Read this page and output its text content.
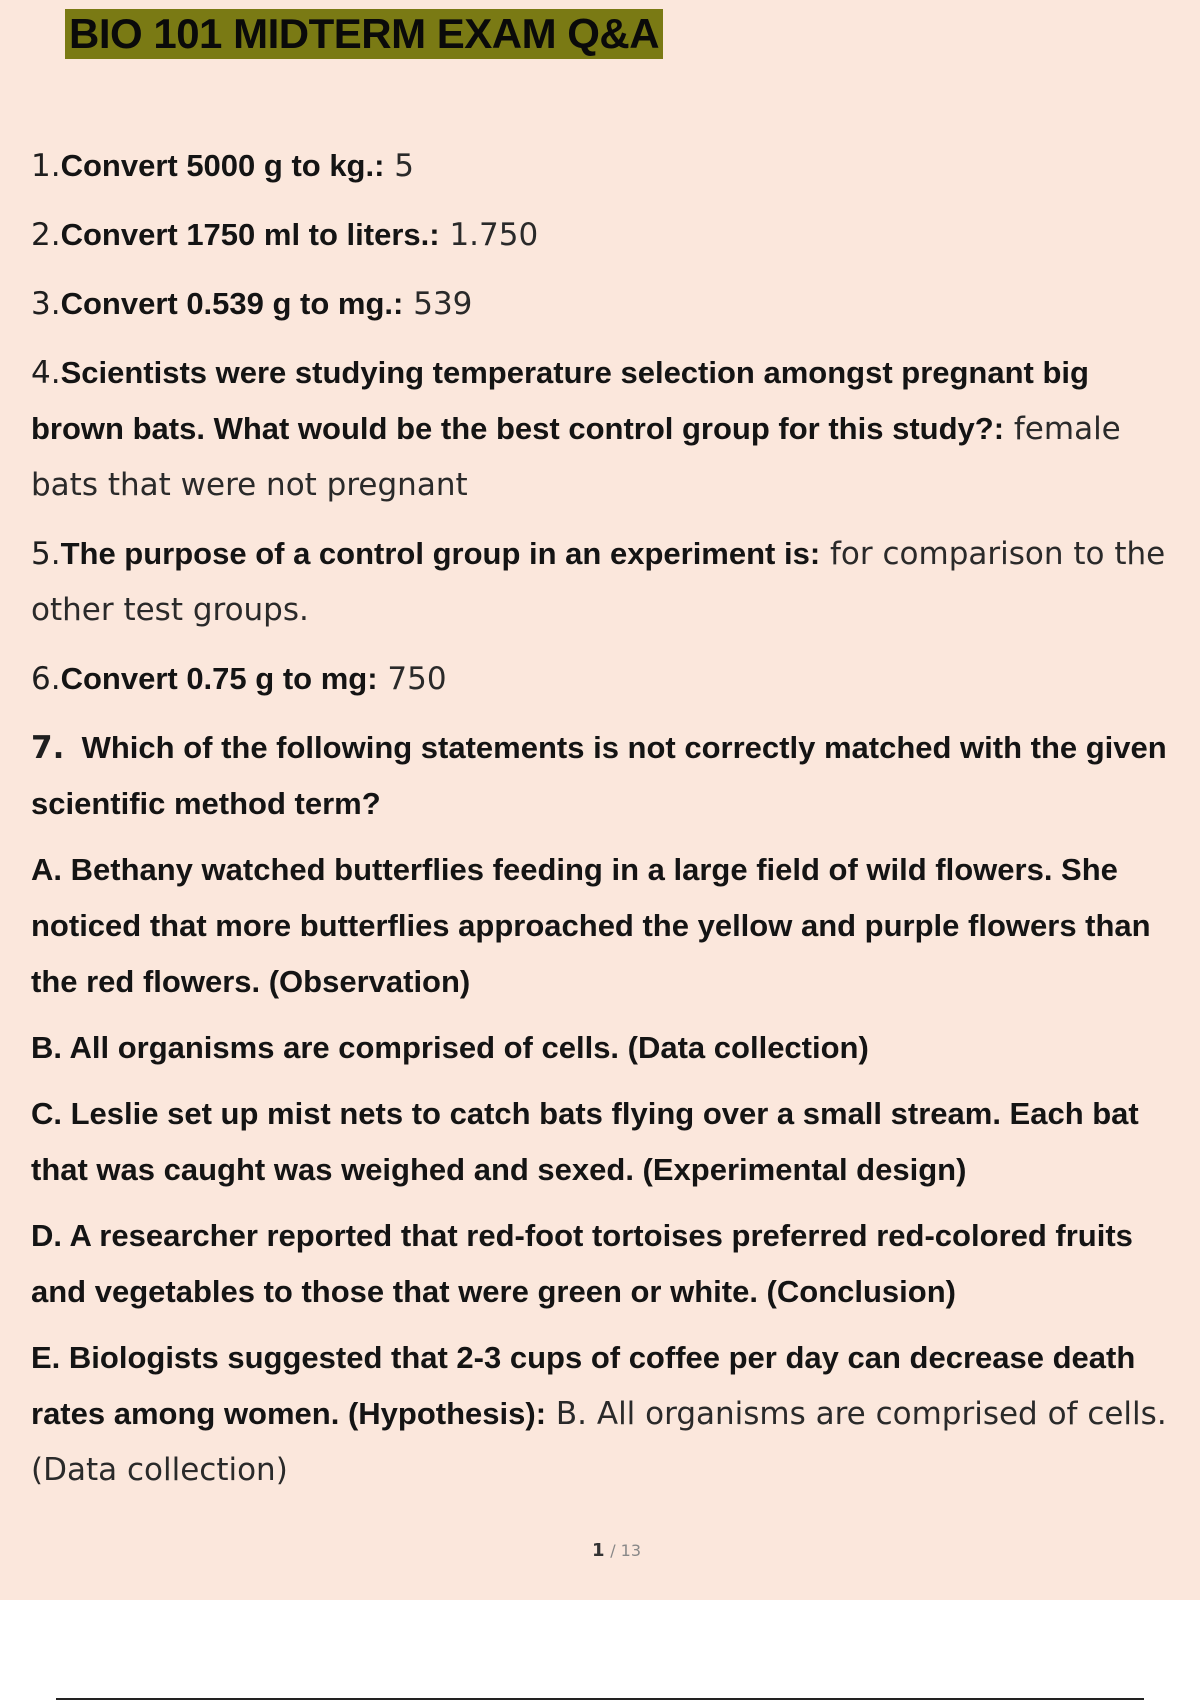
BIO 101 MIDTERM EXAM Q&A

1.Convert 5000 g to kg.: 5

2.Convert 1750 ml to liters.: 1.750

3.Convert 0.539 g to mg.: 539

4.Scientists were studying temperature selection amongst pregnant big brown bats. What would be the best control group for this study?: female bats that were not pregnant

5.The purpose of a control group in an experiment is: for comparison to the other test groups.

6.Convert 0.75 g to mg: 750

7. Which of the following statements is not correctly matched with the given scientific method term?

A. Bethany watched butterflies feeding in a large field of wild flowers. She noticed that more butterflies approached the yellow and purple flowers than the red flowers. (Observation)

B. All organisms are comprised of cells. (Data collection)

C. Leslie set up mist nets to catch bats flying over a small stream. Each bat that was caught was weighed and sexed. (Experimental design)

D. A researcher reported that red-foot tortoises preferred red-colored fruits and vegetables to those that were green or white. (Conclusion)

E. Biologists suggested that 2-3 cups of coffee per day can decrease death rates among women. (Hypothesis): B. All organisms are comprised of cells. (Data collection)

1 / 13
